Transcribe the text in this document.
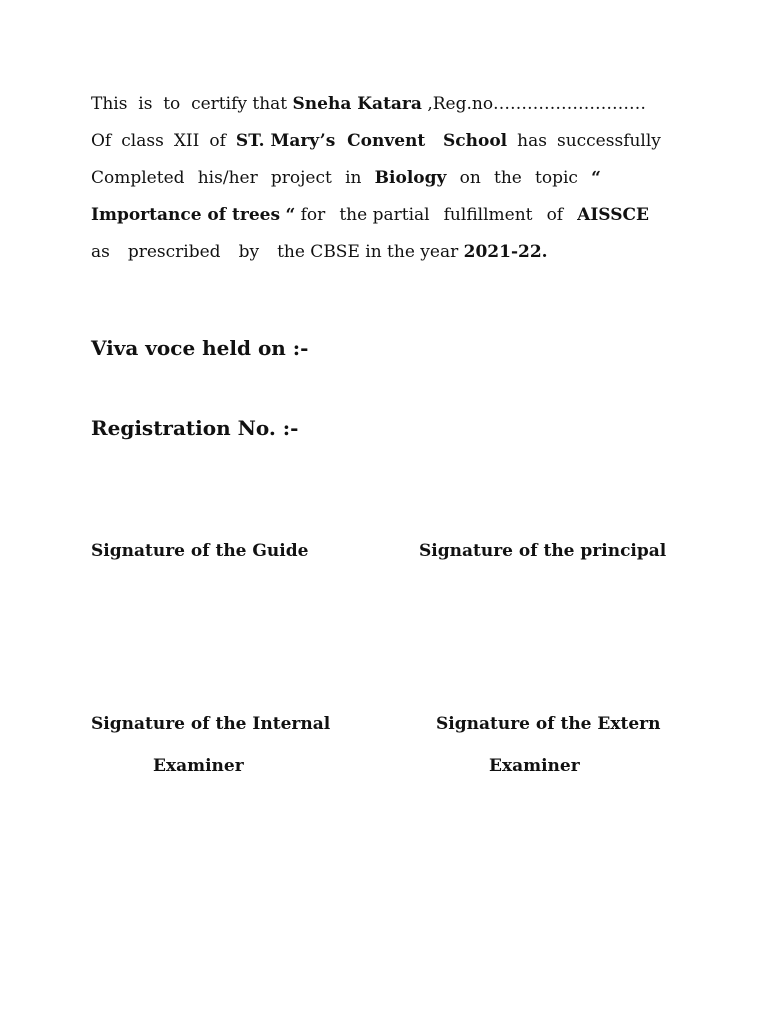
This  is  to  certify that Sneha Katara ,Reg.no………………………
Of class XII of ST. Mary’s  Convent   School has successfully
Completed his/her project in Biology on the topic “
Importance of trees “ for the partial fulfillment of AISSCE
as prescribed by the CBSE in the year 2021-22.
Viva voce held on :-
Registration No. :-
Signature of the Guide	Signature of the principal
Signature of the Internal
Examiner
Signature of the Extern
Examiner
